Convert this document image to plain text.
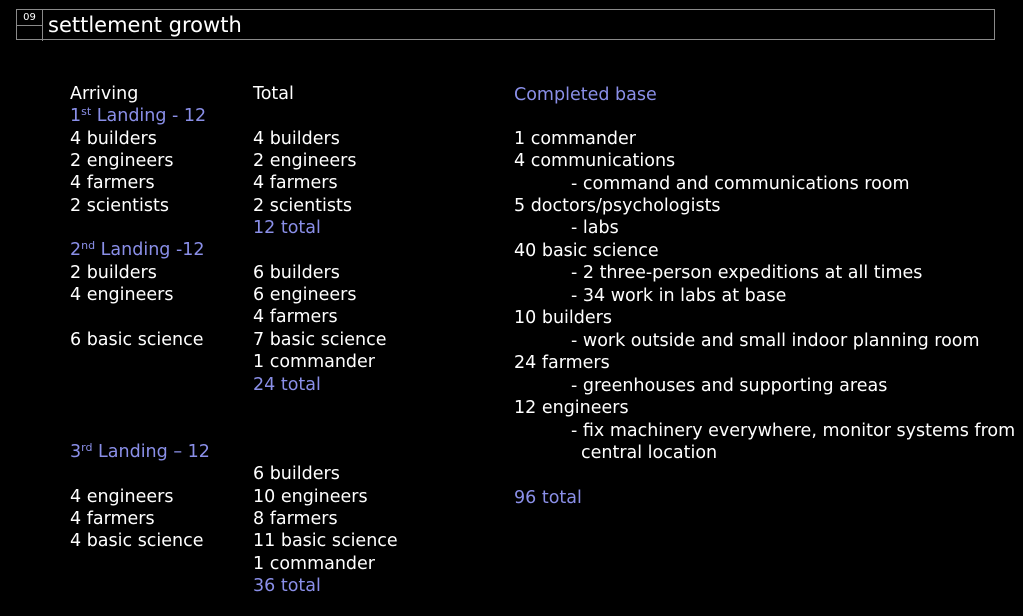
09 settlement growth
Arriving	Total
1st Landing - 12
4 builders
2 engineers
4 farmers
2 scientists
4 builders
2 engineers
4 farmers
2 scientists
12 total
2nd Landing -12
2 builders
4 engineers
6 basic science
6 builders
6 engineers
4 farmers
7 basic science
1 commander
24 total
3rd Landing – 12
4 engineers
4 farmers
4 basic science
6 builders
10 engineers
8 farmers
11 basic science
1 commander
36 total
Completed base
1 commander
4 communications
- command and communications room
5 doctors/psychologists
- labs
40 basic science
- 2 three-person expeditions at all times
- 34 work in labs at base
10 builders
- work outside and small indoor planning room
24 farmers
- greenhouses and supporting areas
12 engineers
- fix machinery everywhere, monitor systems from
central location
96 total
